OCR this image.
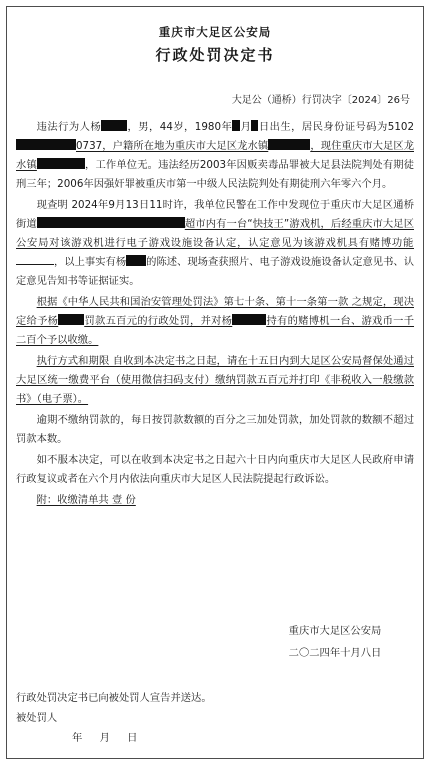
重庆市大足区公安局
行政处罚决定书
大足公（通桥）行罚决字〔2024〕26号

违法行为人杨	，男，44岁，1980年 月 日出生，居民身份证号码为51020737，户籍所在地为重庆市大足区龙水镇	，现住重庆市大足区龙水镇	，工作单位无。违法经历2003年因贩卖毒品罪被大足县法院判处有期徒刑三年；2006年因强奸罪被重庆市第一中级人民法院判处有期徒刑六年零六个月。

现查明 2024年9月13日11时许，我单位民警在工作中发现位于重庆市大足区通桥街道	超市内有一台“快技王”游戏机，后经重庆市大足区公安局对该游戏机进行电子游戏设施设备认定，认定意见为该游戏机具有赌博功能，以上事实有杨 的陈述、现场查获照片、电子游戏设施设备认定意见书、认定意见告知书等证据证实。

根据《中华人民共和国治安管理处罚法》第七十条、第十一条第一款 之规定，现决定给予杨	罚款五百元的行政处罚，并对杨	持有的赌博机一台、游戏币一千二百个予以收缴。

执行方式和期限 自收到本决定书之日起，请在十五日内到大足区公安局督保处通过大足区统一缴费平台（使用微信扫码支付）缴纳罚款五百元并打印《非税收入一般缴款书》（电子票）。

逾期不缴纳罚款的，每日按罚款数额的百分之三加处罚款，加处罚款的数额不超过罚款本数。

如不服本决定，可以在收到本决定书之日起六十日内向重庆市大足区人民政府申请行政复议或者在六个月内依法向重庆市大足区人民法院提起行政诉讼。

附：收缴清单共 壹 份

重庆市大足区公安局
二〇二四年十月八日
行政处罚决定书已向被处罚人宣告并送达。
被处罚人
年 月 日
